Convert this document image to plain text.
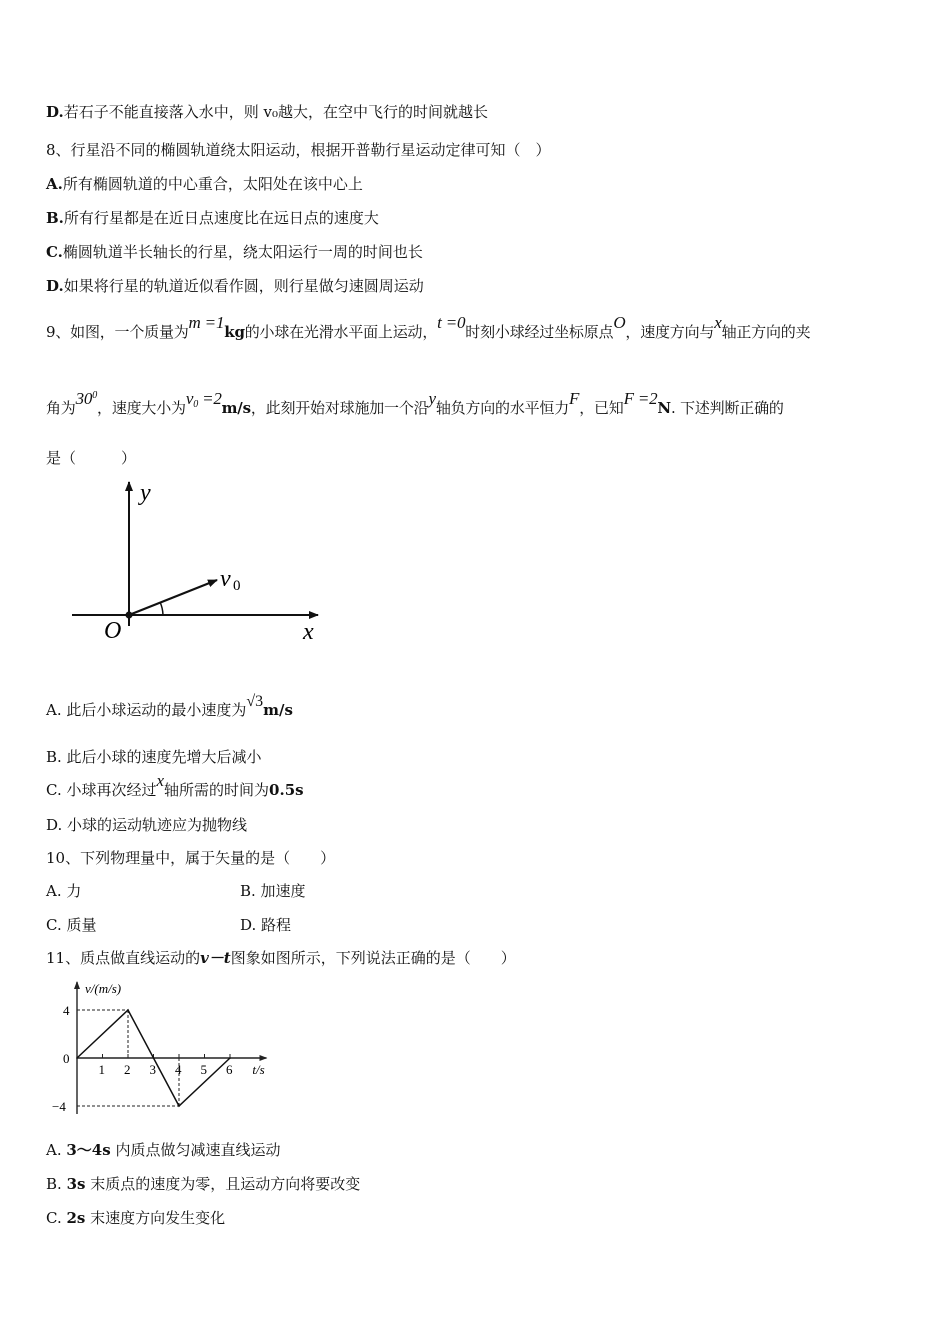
D.若石子不能直接落入水中，则 v₀越大，在空中飞行的时间就越长
8、行星沿不同的椭圆轨道绕太阳运动，根据开普勒行星运动定律可知（　）
A.所有椭圆轨道的中心重合，太阳处在该中心上
B.所有行星都是在近日点速度比在远日点的速度大
C.椭圆轨道半长轴长的行星，绕太阳运行一周的时间也长
D.如果将行星的轨道近似看作圆，则行星做匀速圆周运动
9、如图，一个质量为m =1kg的小球在光滑水平面上运动，t =0时刻小球经过坐标原点O，速度方向与x轴正方向的夹
角为$30^0$，速度大小为v0 =2m/s，此刻开始对球施加一个沿y轴负方向的水平恒力F，已知F =2N. 下述判断正确的
是（　　　）
y
x
O
v 0
A. 此后小球运动的最小速度为√3m/s
B. 此后小球的速度先增大后减小
C. 小球再次经过x轴所需的时间为0.5s
D. 小球的运动轨迹应为抛物线
10、下列物理量中，属于矢量的是（　　）
A. 力	B. 加速度
C. 质量	D. 路程
11、质点做直线运动的v－t图象如图所示，下列说法正确的是（　　）
v/(m/s)
t/s
1 2 3 4 5 6
4
0
−4
A. 3～4s 内质点做匀减速直线运动
B. 3s 末质点的速度为零，且运动方向将要改变
C. 2s 末速度方向发生变化
